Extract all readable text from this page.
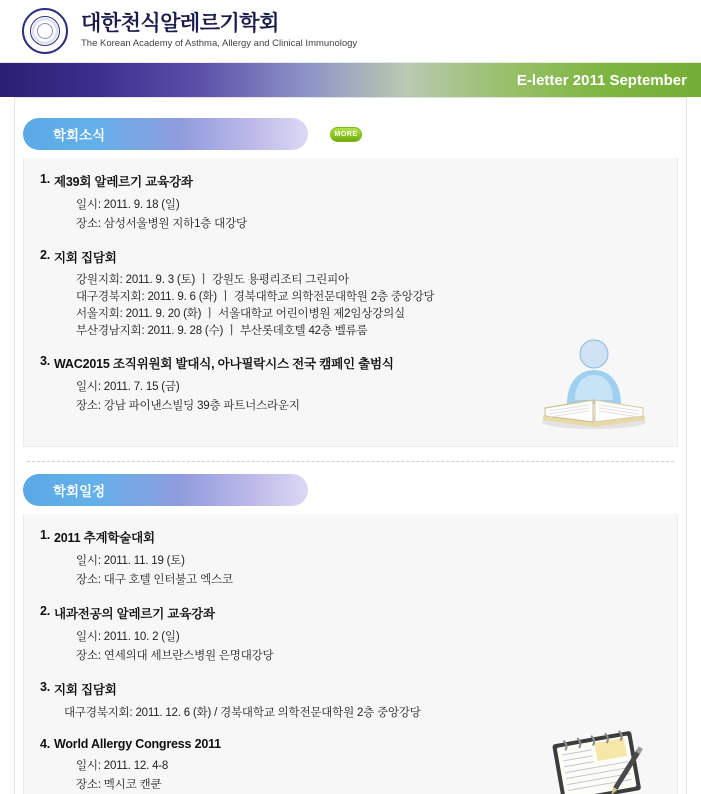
대한천식알레르기학회
The Korean Academy of Asthma, Allergy and Clinical Immunology
E-letter 2011 September
학회소식	MORE
1. 제39회 알레르기 교육강좌
일시: 2011. 9. 18 (일)
장소: 삼성서울병원 지하1층 대강당
2. 지회 집담회
강원지회: 2011. 9. 3 (토) ㅣ 강원도 용평리조티 그린피아
대구경북지회: 2011. 9. 6 (화) ㅣ 경북대학교 의학전문대학원 2층 중앙강당
서울지회: 2011. 9. 20 (화) ㅣ 서울대학교 어린이병원 제2임상강의실
부산경남지회: 2011. 9. 28 (수) ㅣ 부산롯데호텔 42층 벨류룸
3. WAC2015 조직위원회 발대식, 아나필락시스 전국 캠페인 출범식
일시: 2011. 7. 15 (금)
장소: 강남 파이낸스빌딩 39층 파트너스라운지
학회일정
1. 2011 추계학술대회
일시: 2011. 11. 19 (토)
장소: 대구 호텔 인터불고 엑스코
2. 내과전공의 알레르기 교육강좌
일시: 2011. 10. 2 (일)
장소: 연세의대 세브란스병원 은명대강당
3. 지회 집담회
대구경북지회: 2011. 12. 6 (화) / 경북대학교 의학전문대학원 2층 중앙강당
4. World Allergy Congress 2011
일시: 2011. 12. 4-8
장소: 멕시코 캔쿤
